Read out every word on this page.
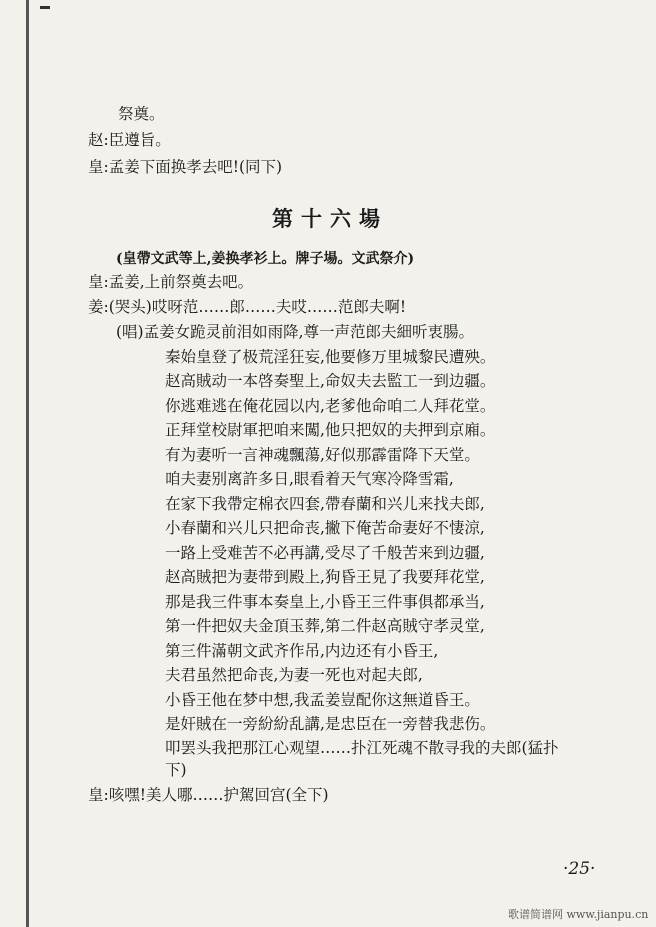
祭奠。
赵:臣遵旨。
皇:孟姜下面换孝去吧!(同下)
第十六場
(皇帶文武等上,姜换孝衫上。牌子場。文武祭介)
皇:孟姜,上前祭奠去吧。
姜:(哭头)哎呀范……郎……夫哎……范郎夫啊!
(唱)孟姜女跪灵前泪如雨降,尊一声范郎夫細听衷腸。
秦始皇登了极荒淫狂妄,他要修万里城黎民遭殃。
赵高賊动一本啓奏聖上,命奴夫去監工一到边疆。
你逃难逃在俺花园以内,老爹他命咱二人拜花堂。
正拜堂校尉軍把咱来闖,他只把奴的夫押到京廂。
有为妻听一言神魂飄蕩,好似那霹雷降下天堂。
咱夫妻别离許多日,眼看着天气寒冷降雪霜,
在家下我帶定棉衣四套,帶春蘭和兴儿来找夫郎,
小春蘭和兴儿只把命丧,撇下俺苦命妻好不悽涼,
一路上受难苦不必再講,受尽了千般苦来到边疆,
赵高賊把为妻带到殿上,狗昏王見了我要拜花堂,
那是我三件事本奏皇上,小昏王三件事俱都承当,
第一件把奴夫金頂玉葬,第二件赵高賊守孝灵堂,
第三件滿朝文武齐作吊,内边还有小昏王,
夫君虽然把命丧,为妻一死也对起夫郎,
小昏王他在梦中想,我孟姜豈配你这無道昏王。
是奸賊在一旁紛紛乱講,是忠臣在一旁替我悲伤。
叩罢头我把那江心观望……扑江死魂不散寻我的夫郎(猛扑
下)
皇:咳嘿!美人哪……护駕回宫(全下)
·25·
歌谱简谱网 www.jianpu.cn
